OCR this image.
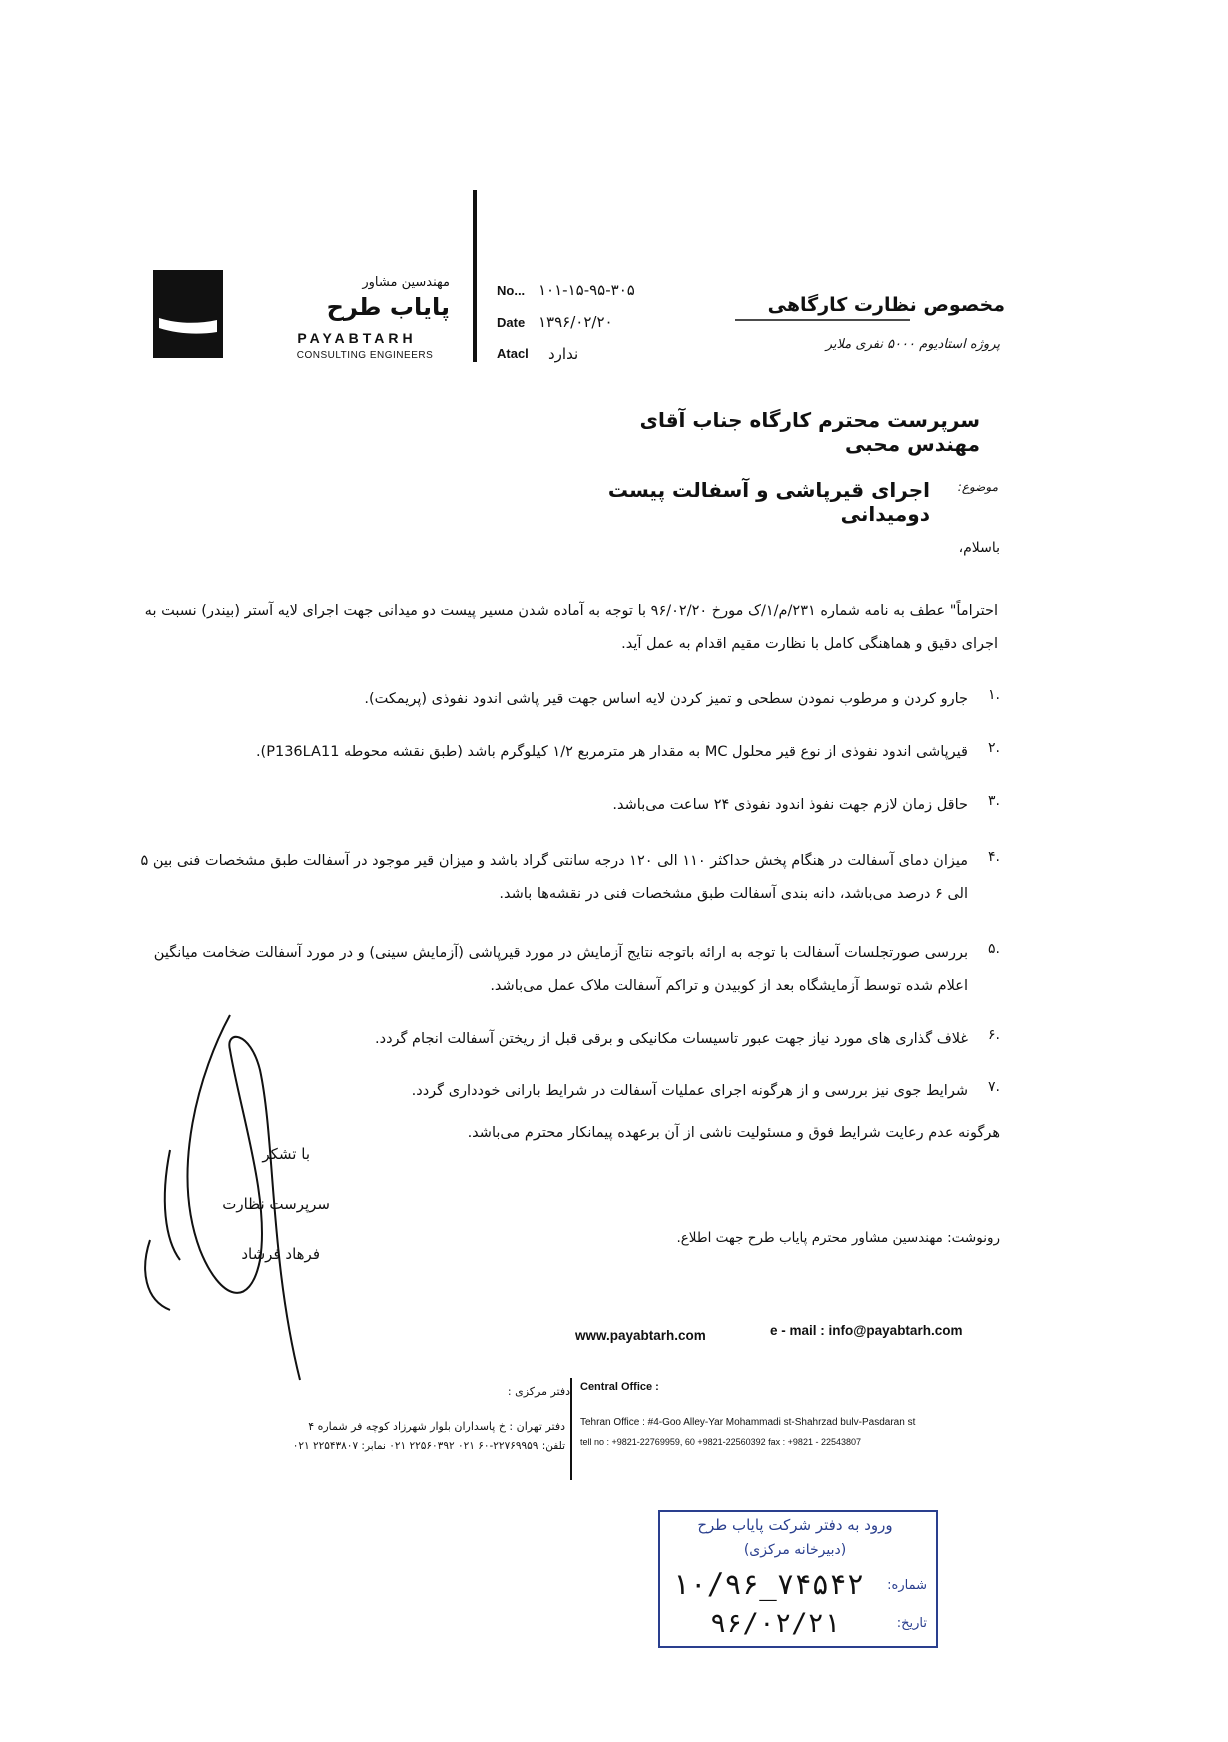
مهندسین مشاور
پایاب طرح
PAYABTARH
CONSULTING ENGINEERS
No... ۱۰۱-۱۵-۹۵-۳۰۵
Date ۱۳۹۶/۰۲/۲۰
Atacl ندارد
مخصوص نظارت کارگاهی
پروژه استادیوم ۵۰۰۰ نفری ملایر
سرپرست محترم کارگاه جناب آقای مهندس محبی
موضوع:
اجرای قیرپاشی و آسفالت پیست دومیدانی
باسلام،
احتراماً" عطف به نامه شماره ۲۳۱/م/۱/ک مورخ ۹۶/۰۲/۲۰ با توجه به آماده شدن مسیر پیست دو میدانی جهت اجرای لایه آستر (بیندر) نسبت به اجرای دقیق و هماهنگی کامل با نظارت مقیم اقدام به عمل آید.
۱.
جارو کردن و مرطوب نمودن سطحی و تمیز کردن لایه اساس جهت قیر پاشی اندود نفوذی (پریمکت).
۲.
قیرپاشی اندود نفوذی از نوع قیر محلول MC به مقدار هر مترمربع ۱/۲ کیلوگرم باشد (طبق نقشه محوطه P136LA11).
۳.
حاقل زمان لازم جهت نفوذ اندود نفوذی ۲۴ ساعت می‌باشد.
۴.
میزان دمای آسفالت در هنگام پخش حداکثر ۱۱۰ الی ۱۲۰ درجه سانتی گراد باشد و میزان قیر موجود در آسفالت طبق مشخصات فنی بین ۵ الی ۶ درصد می‌باشد، دانه بندی آسفالت طبق مشخصات فنی در نقشه‌ها باشد.
۵.
بررسی صورتجلسات آسفالت با توجه به ارائه باتوجه نتایج آزمایش در مورد قیرپاشی (آزمایش سینی) و در مورد آسفالت ضخامت میانگین اعلام شده توسط آزمایشگاه بعد از کوبیدن و تراکم آسفالت ملاک عمل می‌باشد.
۶.
غلاف گذاری های مورد نیاز جهت عبور تاسیسات مکانیکی و برقی قبل از ریختن آسفالت انجام گردد.
۷.
شرایط جوی نیز بررسی و از هرگونه اجرای عملیات آسفالت در شرایط بارانی خودداری گردد.
هرگونه عدم رعایت شرایط فوق و مسئولیت ناشی از آن برعهده پیمانکار محترم می‌باشد.
با تشکر
سرپرست نظارت
فرهاد فرشاد
رونوشت: مهندسین مشاور محترم پایاب طرح جهت اطلاع.
www.payabtarh.com	e - mail : info@payabtarh.com
دفتر مرکزی :
دفتر تهران : خ پاسداران بلوار شهرزاد کوچه فر شماره ۴
تلفن: ۲۲۷۶۹۹۵۹-۶۰ ۰۲۱ ۲۲۵۶۰۳۹۲ ۰۲۱ نمابر: ۲۲۵۴۳۸۰۷ ۰۲۱
Central Office :
Tehran Office : #4-Goo Alley-Yar Mohammadi st-Shahrzad bulv-Pasdaran st
tell no : +9821-22769959, 60 +9821-22560392 fax : +9821 - 22543807
ورود به دفتر شرکت پایاب طرح
(دبیرخانه مرکزی)
شماره:
۱۰/۹۶_۷۴۵۴۲
تاریخ:
۹۶/۰۲/۲۱
